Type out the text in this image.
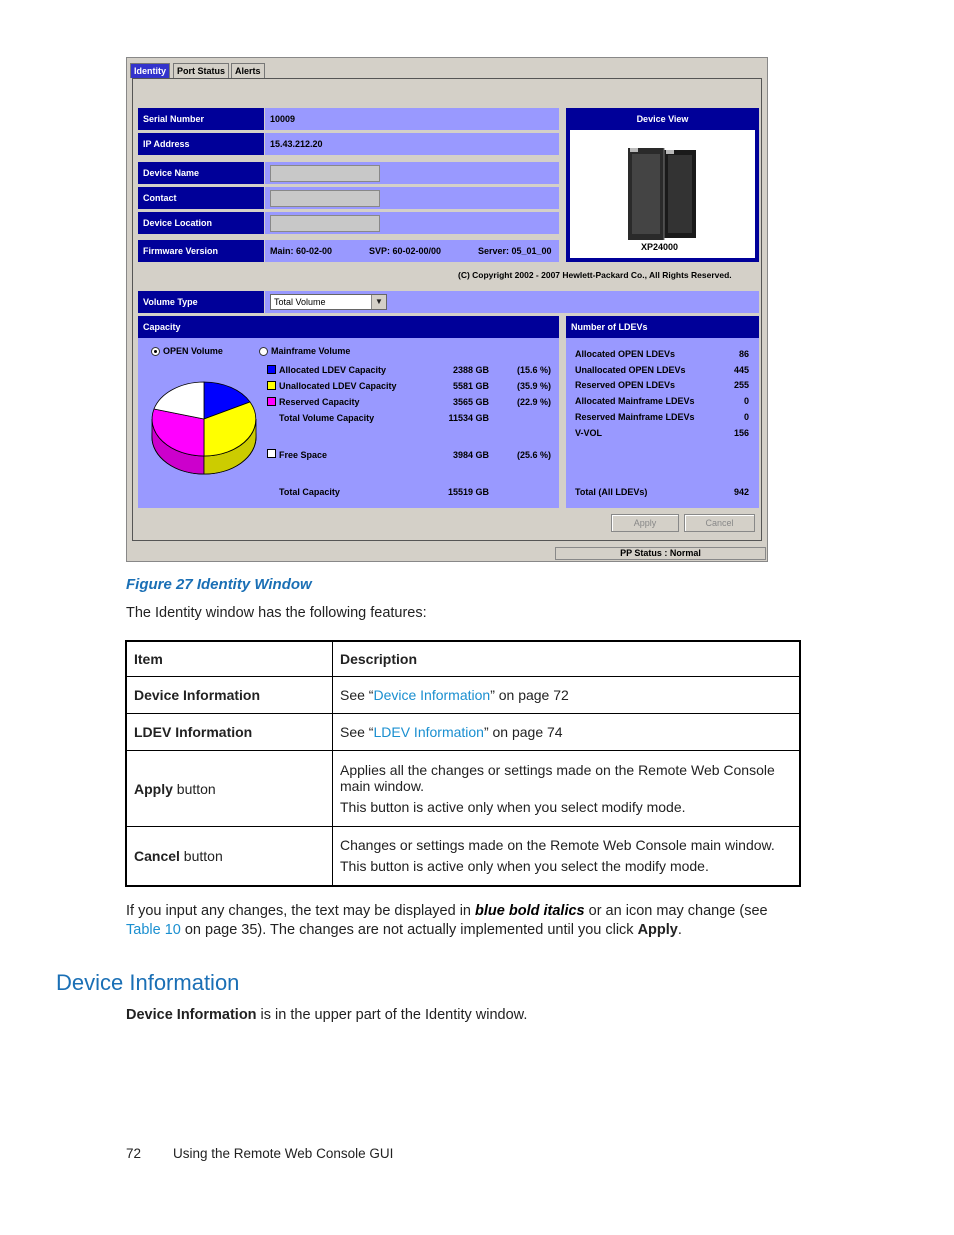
Identity	Port Status	Alerts
Serial Number	10009
IP Address	15.43.212.20
Device Name
Contact
Device Location
Firmware Version	Main: 60-02-00	SVP: 60-02-00/00	Server: 05_01_00
Device View
XP24000
(C) Copyright 2002 - 2007 Hewlett-Packard Co., All Rights Reserved.
Volume Type	Total Volume	▼
Capacity
OPEN Volume	Mainframe Volume
Allocated LDEV Capacity	2388 GB	(15.6 %)
Unallocated LDEV Capacity	5581 GB	(35.9 %)
Reserved Capacity	3565 GB	(22.9 %)
Total Volume Capacity	11534 GB
Free Space	3984 GB	(25.6 %)
Total Capacity	15519 GB
Number of LDEVs
Allocated OPEN LDEVs	86
Unallocated OPEN LDEVs	445
Reserved OPEN LDEVs	255
Allocated Mainframe LDEVs	0
Reserved Mainframe LDEVs	0
V-VOL	156
Total (All LDEVs)	942
Apply	Cancel
PP Status : Normal
Figure 27 Identity Window
The Identity window has the following features:
Item	Description
Device Information	See “Device Information” on page 72
LDEV Information	See “LDEV Information” on page 74
Apply button	Applies all the changes or settings made on the Remote Web Console main window.
This button is active only when you select modify mode.

Cancel button	Changes or settings made on the Remote Web Console main window.
This button is active only when you select the modify mode.
If you input any changes, the text may be displayed in blue bold italics or an icon may change (see
Table 10 on page 35). The changes are not actually implemented until you click Apply.
Device Information
Device Information is in the upper part of the Identity window.
72 Using the Remote Web Console GUI
